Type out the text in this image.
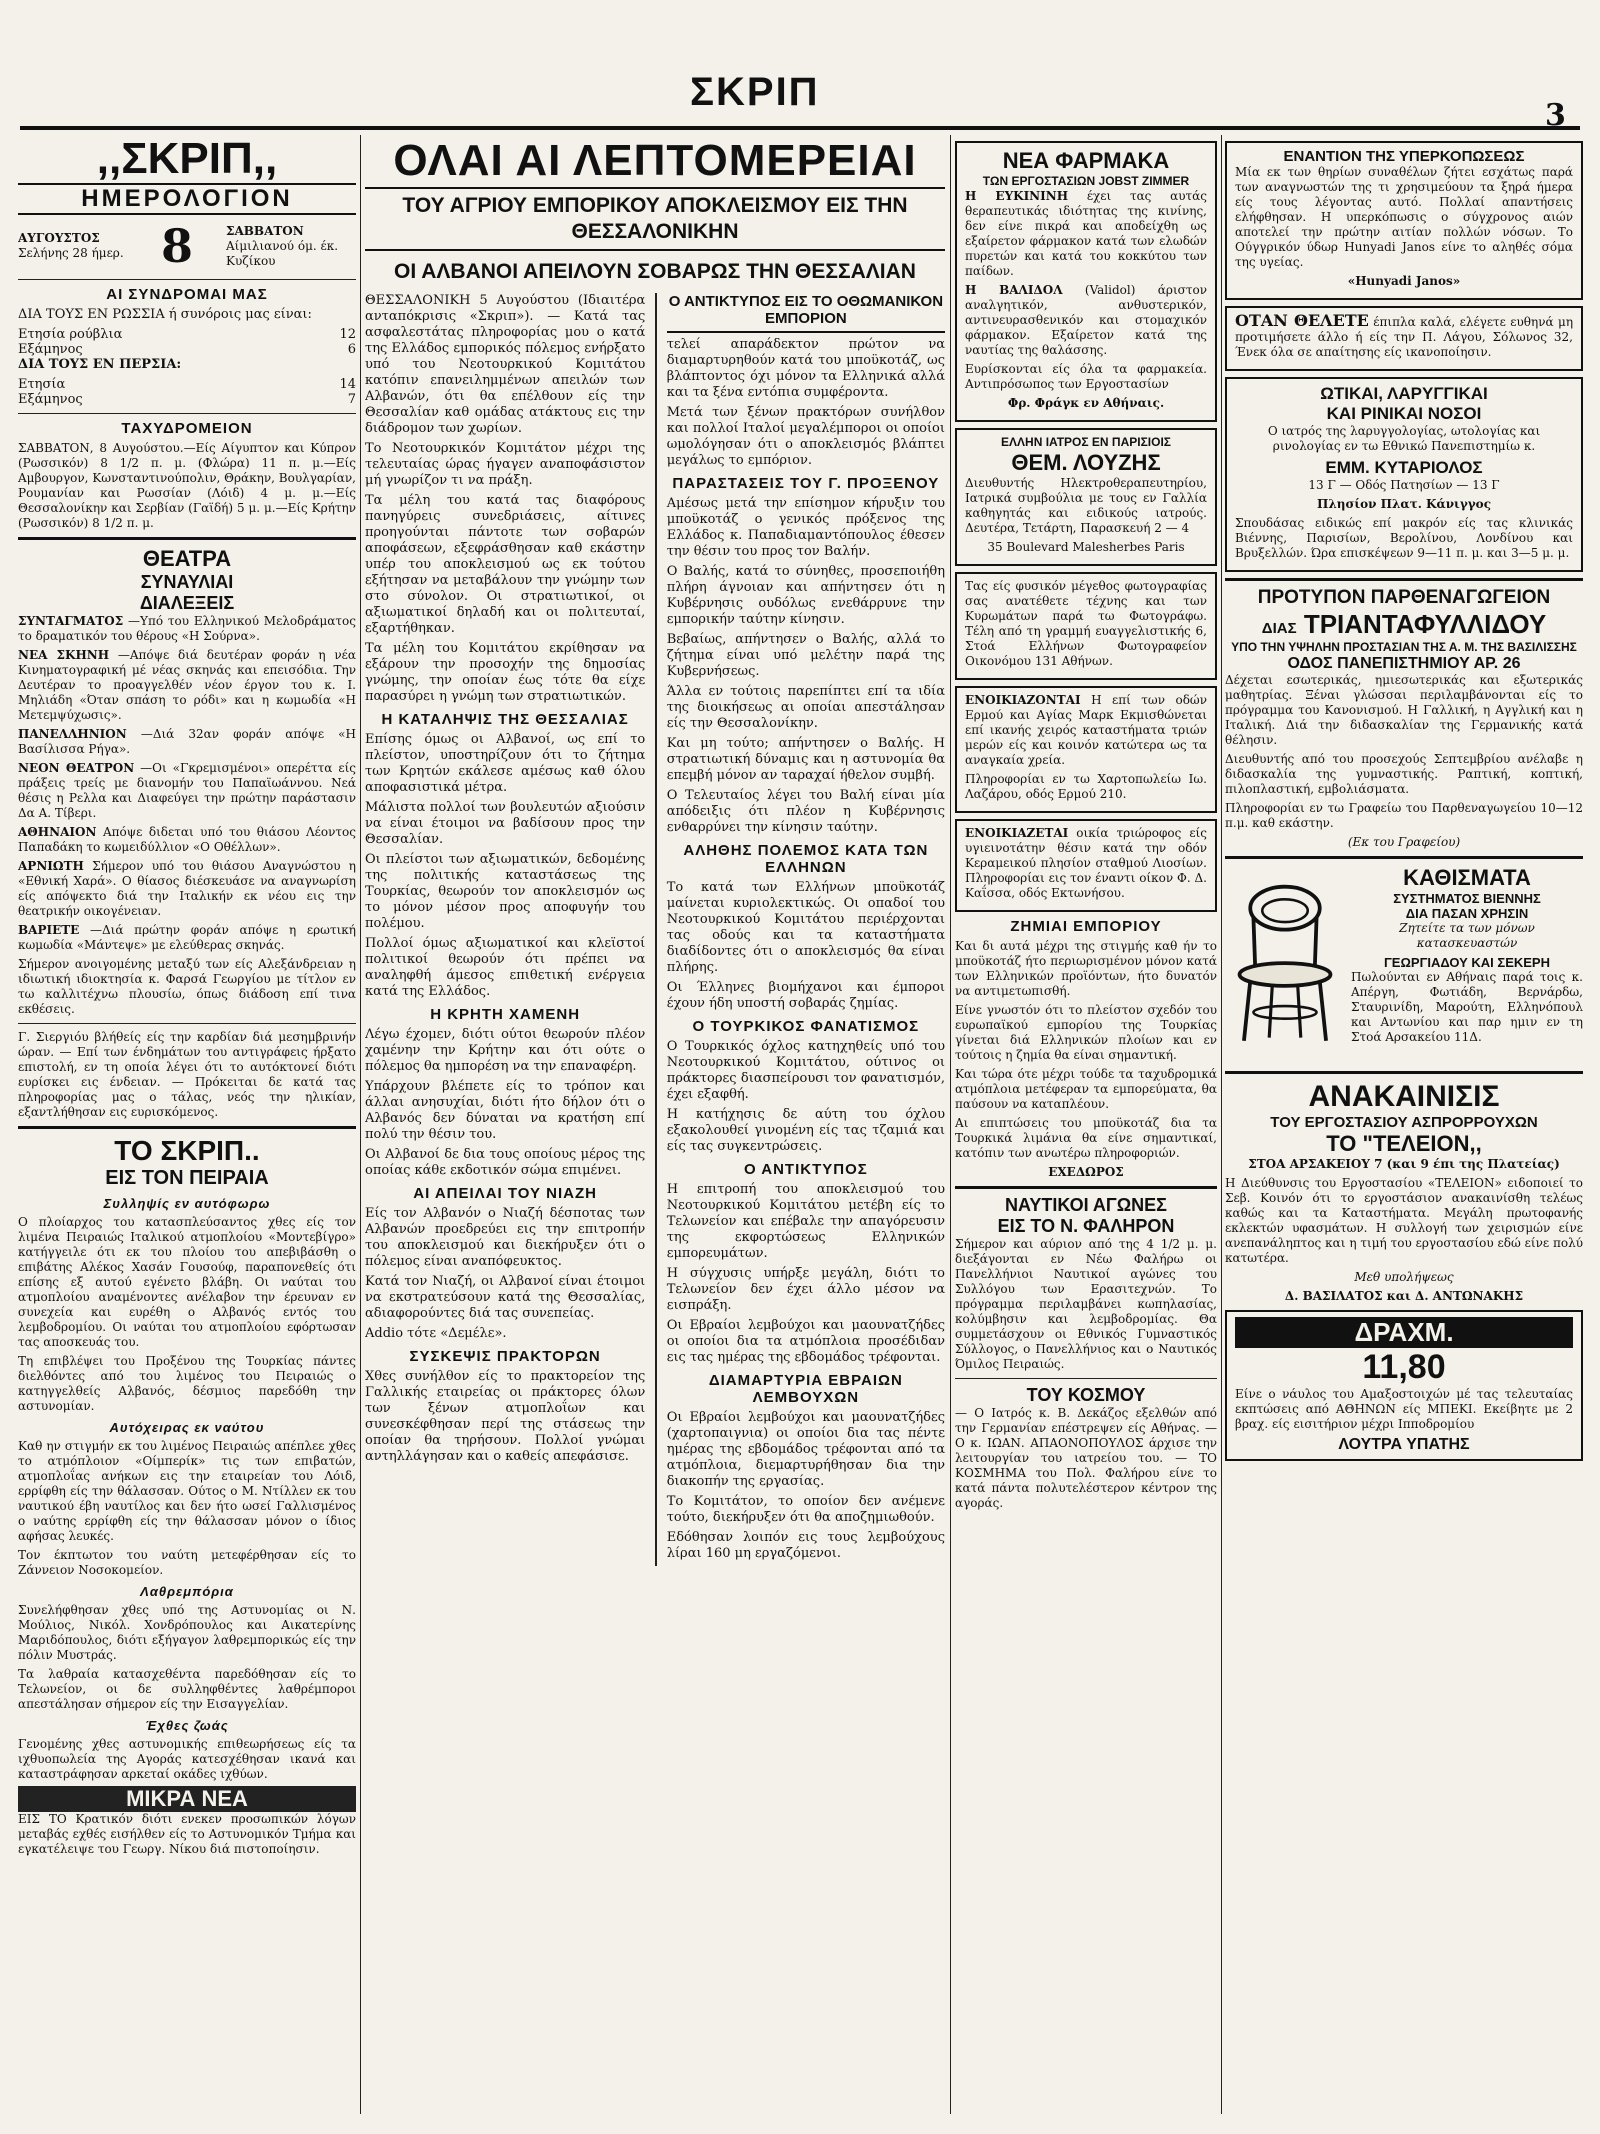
ΣΚΡΙΠ
3
,,ΣΚΡΙΠ,,
ΗΜΕΡΟΛΟΓΙΟΝ
ΑΥΓΟΥΣΤΟΣ
Σελήνης 28 ήμερ. 8	ΣΑΒΒΑΤΟΝ
Αίμιλιανού όμ. έκ. Κυζίκου
ΑΙ ΣΥΝΔΡΟΜΑΙ ΜΑΣ
ΔΙΑ ΤΟΥΣ ΕΝ ΡΩΣΣΙΑ ή συνόροις μας είναι:
Ετησία ρούβλια	12
Εξάμηνος	6
ΔΙΑ ΤΟΥΣ ΕΝ ΠΕΡΣΙΑ:
Ετησία	14
Εξάμηνος	7
ΤΑΧΥΔΡΟΜΕΙΟΝ
ΣΑΒΒΑΤΟΝ, 8 Αυγούστου.—Είς Αίγυπτον και Κύπρον (Ρωσσικόν) 8 1/2 π. μ. (Φλώρα) 11 π. μ.—Είς Αμβουργον, Κωνσταντινούπολιν, Θράκην, Βουλγαρίαν, Ρουμανίαν και Ρωσσίαν (Λόιδ) 4 μ. μ.—Είς Θεσσαλονίκην και Σερβίαν (Γαϊδή) 5 μ. μ.—Είς Κρήτην (Ρωσσικόν) 8 1/2 π. μ.
ΘΕΑΤΡΑ
ΣΥΝΑΥΛΙΑΙ
ΔΙΑΛΕΞΕΙΣ
ΣΥΝΤΑΓΜΑΤΟΣ —Υπό του Ελληνικού Μελοδράματος το δραματικόν του θέρους «Η Σούρνα».
ΝΕΑ ΣΚΗΝΗ —Απόψε διά δευτέραν φοράν η νέα Κινηματογραφική μέ νέας σκηνάς και επεισόδια. Την Δευτέραν το προαγγελθέν νέον έργον του κ. Ι. Μηλιάδη «Όταν σπάση το ρόδι» και η κωμωδία «Η Μετεμψύχωσις».
ΠΑΝΕΛΛΗΝΙΟΝ —Διά 32αν φοράν απόψε «Η Βασίλισσα Ρήγα».
ΝΕΟΝ ΘΕΑΤΡΟΝ —Οι «Γκρεμισμένοι» οπερέττα είς πράξεις τρείς με διανομήν του Παπαϊωάννου. Νεά θέσις η Ρελλα και Διαφεύγει την πρώτην παράστασιν Δα Α. Τίβερι.
ΑΘΗΝΑΙΟΝ Απόψε διδεται υπό του θιάσου Λέοντος Παπαδάκη το κωμειδύλλιον «Ο Οθέλλων».
ΑΡΝΙΩΤΗ Σήμερον υπό του θιάσου Αναγνώστου η «Εθνική Χαρά». Ο θίασος διέσκευάσε να αναγνωρίση είς απόψεκτο διά την Ιταλικήν εκ νέου εις την θεατρικήν οικογένειαν.
ΒΑΡΙΕΤΕ —Διά πρώτην φοράν απόψε η ερωτική κωμωδία «Μάντεψε» με ελεύθερας σκηνάς.
Σήμερον ανοιγομένης μεταξύ των είς Αλεξάνδρειαν η ιδιωτική ιδιοκτησία κ. Φαρσά Γεωργίου με τίτλον εν τω καλλιτέχνω πλουσίω, όπως διάδοση επί τινα εκθέσεις.
Γ. Σιεργιόυ βλήθείς είς την καρδίαν διά μεσημβρινήν ώραν. — Επί των ένδημάτων του αντιγράφεις ήρξατο επιστολή, εν τη οποία λέγει ότι το αυτόκτονεί διότι ευρίσκει εις ένδειαν. — Πρόκειται δε κατά τας πληροφορίας μας ο τάλας, νεός την ηλικίαν, εξαντλήθησαν εις ευρισκόμενος.
ΤΟ ΣΚΡΙΠ..
ΕΙΣ ΤΟΝ ΠΕΙΡΑΙΑ
Συλληψίς εν αυτόφωρω
Ο πλοίαρχος του κατασπλεύσαντος χθες είς τον λιμένα Πειραιώς Ιταλικού ατμοπλοίου «Μοντεβίγρο» κατήγγειλε ότι εκ του πλοίου του απεβιβάσθη ο επιβάτης Αλέκος Χασάν Γουσούφ, παραπονεθείς ότι επίσης εξ αυτού εγένετο βλάβη. Οι ναύται του ατμοπλοίου αναμένοντες ανέλαβον την έρευναν εν συνεχεία και ευρέθη ο Αλβανός εντός του λεμβοδρομίου. Οι ναύται του ατμοπλοίου εφόρτωσαν τας αποσκευάς του.
Τη επιβλέψει του Προξένου της Τουρκίας πάντες διελθόντες από του λιμένος του Πειραιώς ο κατηγγελθείς Αλβανός, δέσμιος παρεδόθη την αστυνομίαν.
Αυτόχειρας εκ ναύτου
Καθ ην στιγμήν εκ του λιμένος Πειραιώς απέπλεε χθες το ατμόπλοιον «Οίμπερίκ» τις των επιβατών, ατμοπλοΐας ανήκων εις την εταιρείαν του Λόιδ, ερρίφθη είς την θάλασσαν. Ούτος ο Μ. Ντίλλεν εκ του ναυτικού έβη ναυτίλος και δεν ήτο ωσεί Γαλλισμένος ο ναύτης ερρίφθη είς την θάλασσαν μόνον ο ίδιος αφήσας λευκές.
Τον έκπτωτον του ναύτη μετεφέρθησαν είς το Ζάννειον Νοσοκομείον.
Λαθρεμπόρια
Συνελήφθησαν χθες υπό της Αστυνομίας οι Ν. Μούλιος, Νικόλ. Χονδρόπουλος και Αικατερίνης Μαριδόπουλος, διότι εξήγαγον λαθρεμπορικώς είς την πόλιν Μυστράς.
Τα λαθραία κατασχεθέντα παρεδόθησαν είς το Τελωνείον, οι δε συλληφθέντες λαθρέμποροι απεστάλησαν σήμερον είς την Εισαγγελίαν.
Έχθες ζωάς
Γενομένης χθες αστυνομικής επιθεωρήσεως είς τα ιχθυοπωλεία της Αγοράς κατεσχέθησαν ικανά και καταστράφησαν αρκεταί οκάδες ιχθύων.
ΜΙΚΡΑ ΝΕΑ
ΕΙΣ ΤΟ Κρατικόν διότι ενεκεν προσωπικών λόγων μεταβάς εχθές εισήλθεν είς το Αστυνομικόν Τμήμα και εγκατέλειψε του Γεωργ. Νίκου διά πιστοποίησιν.
ΟΛΑΙ ΑΙ ΛΕΠΤΟΜΕΡΕΙΑΙ
ΤΟΥ ΑΓΡΙΟΥ ΕΜΠΟΡΙΚΟΥ ΑΠΟΚΛΕΙΣΜΟΥ ΕΙΣ ΤΗΝ ΘΕΣΣΑΛΟΝΙΚΗΝ
ΟΙ ΑΛΒΑΝΟΙ ΑΠΕΙΛΟΥΝ ΣΟΒΑΡΩΣ ΤΗΝ ΘΕΣΣΑΛΙΑΝ

ΘΕΣΣΑΛΟΝΙΚΗ 5 Αυγούστου (Ιδιαιτέρα ανταπόκρισις «Σκριπ»). — Κατά τας ασφαλεστάτας πληροφορίας μου ο κατά της Ελλάδος εμπορικός πόλεμος ενήρξατο υπό του Νεοτουρκικού Κομιτάτου κατόπιν επανειλημμένων απειλών των Αλβανών, ότι θα επέλθουν είς την Θεσσαλίαν καθ ομάδας ατάκτους εις την διάδρομον των χωρίων.

Το Νεοτουρκικόν Κομιτάτον μέχρι της τελευταίας ώρας ήγαγεν αναποφάσιστον μή γνωρίζον τι να πράξη.

Τα μέλη του κατά τας διαφόρους πανηγύρεις συνεδριάσεις, αίτινες προηγούνται πάντοτε των σοβαρών αποφάσεων, εξεφράσθησαν καθ εκάστην υπέρ του αποκλεισμού ως εκ τούτου εξήτησαν να μεταβάλουν την γνώμην των στο σύνολον. Οι στρατιωτικοί, οι αξιωματικοί δηλαδή και οι πολιτευταί, εξαρτήθηκαν.

Τα μέλη του Κομιτάτου εκρίθησαν να εξάρουν την προσοχήν της δημοσίας γνώμης, την οποίαν έως τότε θα είχε παρασύρει η γνώμη των στρατιωτικών.

Η ΚΑΤΑΛΗΨΙΣ ΤΗΣ ΘΕΣΣΑΛΙΑΣ

Επίσης όμως οι Αλβανοί, ως επί το πλείστον, υποστηρίζουν ότι το ζήτημα των Κρητών εκάλεσε αμέσως καθ όλου αποφασιστικά μέτρα.

Μάλιστα πολλοί των βουλευτών αξιούσιν να είναι έτοιμοι να βαδίσουν προς την Θεσσαλίαν.

Οι πλείστοι των αξιωματικών, δεδομένης της πολιτικής καταστάσεως της Τουρκίας, θεωρούν τον αποκλεισμόν ως το μόνον μέσον προς αποφυγήν του πολέμου.

Πολλοί όμως αξιωματικοί και κλεϊστοί πολιτικοί θεωρούν ότι πρέπει να αναληφθή άμεσος επιθετική ενέργεια κατά της Ελλάδος.

Η ΚΡΗΤΗ ΧΑΜΕΝΗ

Λέγω έχομεν, διότι ούτοι θεωρούν πλέον χαμένην την Κρήτην και ότι ούτε ο πόλεμος θα ημπορέση να την επαναφέρη.

Υπάρχουν βλέπετε είς το τρόπον και άλλαι ανησυχίαι, διότι ήτο δήλον ότι ο Αλβανός δεν δύναται να κρατήση επί πολύ την θέσιν του.

Οι Αλβανοί δε δια τους οποίους μέρος της οποίας κάθε εκδοτικόν σώμα επιμένει.

ΑΙ ΑΠΕΙΛΑΙ ΤΟΥ ΝΙΑΖΗ

Είς τον Αλβανόν ο Νιαζή δέσποτας των Αλβανών προεδρεύει εις την επιτροπήν του αποκλεισμού και διεκήρυξεν ότι ο πόλεμος είναι αναπόφευκτος.

Κατά τον Νιαζή, οι Αλβανοί είναι έτοιμοι να εκστρατεύσουν κατά της Θεσσαλίας, αδιαφορούντες διά τας συνεπείας.

Addio τότε «Δεμέλε».

ΣΥΣΚΕΨΙΣ ΠΡΑΚΤΟΡΩΝ

Χθες συνήλθον είς το πρακτορείον της Γαλλικής εταιρείας οι πράκτορες όλων των ξένων ατμοπλοΐων και συνεσκέφθησαν περί της στάσεως την οποίαν θα τηρήσουν. Πολλοί γνώμαι αντηλλάγησαν και ο καθείς απεφάσισε.

Ο ΑΝΤΙΚΤΥΠΟΣ ΕΙΣ ΤΟ ΟΘΩΜΑΝΙΚΟΝ ΕΜΠΟΡΙΟΝ

τελεί απαράδεκτον πρώτον να διαμαρτυρηθούν κατά του μποϋκοτάζ, ως βλάπτοντος όχι μόνον τα Ελληνικά αλλά και τα ξένα εντόπια συμφέροντα.

Μετά των ξένων πρακτόρων συνήλθον και πολλοί Ιταλοί μεγαλέμποροι οι οποίοι ωμολόγησαν ότι ο αποκλεισμός βλάπτει μεγάλως το εμπόριον.

ΠΑΡΑΣΤΑΣΕΙΣ ΤΟΥ Γ. ΠΡΟΞΕΝΟΥ

Αμέσως μετά την επίσημον κήρυξιν του μποϋκοτάζ ο γενικός πρόξενος της Ελλάδος κ. Παπαδιαμαντόπουλος έθεσεν την θέσιν του προς τον Βαλήν.

Ο Βαλής, κατά το σύνηθες, προσεποιήθη πλήρη άγνοιαν και απήντησεν ότι η Κυβέρνησις ουδόλως ενεθάρρυνε την εμπορικήν ταύτην κίνησιν.

Βεβαίως, απήντησεν ο Βαλής, αλλά το ζήτημα είναι υπό μελέτην παρά της Κυβερνήσεως.

Άλλα εν τούτοις παρεπίπτει επί τα ιδία της διοικήσεως αι οποίαι απεστάλησαν είς την Θεσσαλονίκην.

Και μη τούτο; απήντησεν ο Βαλής. Η στρατιωτική δύναμις και η αστυνομία θα επεμβή μόνον αν ταραχαί ήθελον συμβή.

Ο Τελευταίος λέγει του Βαλή είναι μία απόδειξις ότι πλέον η Κυβέρνησις ενθαρρύνει την κίνησιν ταύτην.

ΑΛΗΘΗΣ ΠΟΛΕΜΟΣ ΚΑΤΑ ΤΩΝ ΕΛΛΗΝΩΝ

Το κατά των Ελλήνων μποϋκοτάζ μαίνεται κυριολεκτικώς. Οι οπαδοί του Νεοτουρκικού Κομιτάτου περιέρχονται τας οδούς και τα καταστήματα διαδίδοντες ότι ο αποκλεισμός θα είναι πλήρης.

Οι Έλληνες βιομήχανοι και έμποροι έχουν ήδη υποστή σοβαράς ζημίας.

Ο ΤΟΥΡΚΙΚΟΣ ΦΑΝΑΤΙΣΜΟΣ

Ο Τουρκικός όχλος κατηχηθείς υπό του Νεοτουρκικού Κομιτάτου, ούτινος οι πράκτορες διασπείρουσι τον φανατισμόν, έχει εξαφθή.

Η κατήχησις δε αύτη του όχλου εξακολουθεί γινομένη είς τας τζαμιά και είς τας συγκεντρώσεις.

Ο ΑΝΤΙΚΤΥΠΟΣ

Η επιτροπή του αποκλεισμού του Νεοτουρκικού Κομιτάτου μετέβη είς το Τελωνείον και επέβαλε την απαγόρευσιν της εκφορτώσεως Ελληνικών εμπορευμάτων.

Η σύγχυσις υπήρξε μεγάλη, διότι το Τελωνείον δεν έχει άλλο μέσον να εισπράξη.

Οι Εβραίοι λεμβούχοι και μαουνατζήδες οι οποίοι δια τα ατμόπλοια προσέδιδαν εις τας ημέρας της εβδομάδος τρέφονται.

ΔΙΑΜΑΡΤΥΡΙΑ ΕΒΡΑΙΩΝ ΛΕΜΒΟΥΧΩΝ

Οι Εβραίοι λεμβούχοι και μαουνατζήδες (χαρτοπαιγνια) οι οποίοι δια τας πέντε ημέρας της εβδομάδος τρέφονται από τα ατμόπλοια, διεμαρτυρήθησαν δια την διακοπήν της εργασίας.

Το Κομιτάτον, το οποίον δεν ανέμενε τούτο, διεκήρυξεν ότι θα αποζημιωθούν.

Εδόθησαν λοιπόν εις τους λεμβούχους λίραι 160 μη εργαζόμενοι.

ΝΕΑ ΦΑΡΜΑΚΑ
ΤΩΝ ΕΡΓΟΣΤΑΣΙΩΝ JOBST ZIMMER

Η ΕΥΚΙΝΙΝΗ έχει τας αυτάς θεραπευτικάς ιδιότητας της κινίνης, δεν είνε πικρά και αποδείχθη ως εξαίρετον φάρμακον κατά των ελωδών πυρετών και κατά του κοκκύτου των παίδων.

Η ΒΑΛΙΔΟΛ (Validol) άριστον αναλγητικόν, ανθυστερικόν, αντινευρασθενικόν και στομαχικόν φάρμακον. Εξαίρετον κατά της ναυτίας της θαλάσσης.

Ευρίσκονται είς όλα τα φαρμακεία. Αντιπρόσωπος των Εργοστασίων

Φρ. Φράγκ εν Αθήναις.

ΕΛΛΗΝ ΙΑΤΡΟΣ ΕΝ ΠΑΡΙΣΙΟΙΣ
ΘΕΜ. ΛΟΥΖΗΣ

Διευθυντής Ηλεκτροθεραπευτηρίου, Ιατρικά συμβούλια με τους εν Γαλλία καθηγητάς και ειδικούς ιατρούς. Δευτέρα, Τετάρτη, Παρασκευή 2 — 4

35 Boulevard Malesherbes Paris

Τας είς φυσικόν μέγεθος φωτογραφίας σας ανατέθετε τέχνης και των Κυρωμάτων παρά τω Φωτογράφω. Τέλη από τη γραμμή ευαγγελιστικής 6, Στοά Ελλήνων Φωτογραφείον Οικονόμου 131 Αθήνων.

ΕΝΟΙΚΙΑΖΟΝΤΑΙ Η επί των οδών Ερμού και Αγίας Μαρκ Εκμισθώνεται επί ικανής χειρός καταστήματα τριών μερών είς και κοινόν κατώτερα ως τα αναγκαία χρεία.

Πληροφορίαι εν τω Χαρτοπωλείω Ιω. Λαζάρου, οδός Ερμού 210.

ΕΝΟΙΚΙΑΖΕΤΑΙ οικία τριώροφος είς υγιεινοτάτην θέσιν κατά την οδόν Κεραμεικού πλησίον σταθμού Λιοσίων. Πληροφορίαι εις τον έναντι οίκον Φ. Δ. Καΐσσα, οδός Εκτωνήσου.

ΖΗΜΙΑΙ ΕΜΠΟΡΙΟΥ

Και δι αυτά μέχρι της στιγμής καθ ήν το μποϋκοτάζ ήτο περιωρισμένον μόνον κατά των Ελληνικών προϊόντων, ήτο δυνατόν να αντιμετωπισθή.

Είνε γνωστόν ότι το πλείστον σχεδόν του ευρωπαϊκού εμπορίου της Τουρκίας γίνεται διά Ελληνικών πλοίων και εν τούτοις η ζημία θα είναι σημαντική.

Και τώρα ότε μέχρι τούδε τα ταχυδρομικά ατμόπλοια μετέφεραν τα εμπορεύματα, θα παύσουν να καταπλέουν.

Αι επιπτώσεις του μποϋκοτάζ δια τα Τουρκικά λιμάνια θα είνε σημαντικαί, κατόπιν των ανωτέρω πληροφοριών.

ΕΧΕΔΩΡΟΣ

ΝΑΥΤΙΚΟΙ ΑΓΩΝΕΣ
ΕΙΣ ΤΟ Ν. ΦΑΛΗΡΟΝ

Σήμερον και αύριον από της 4 1/2 μ. μ. διεξάγονται εν Νέω Φαλήρω οι Πανελλήνιοι Ναυτικοί αγώνες του Συλλόγου των Ερασιτεχνών. Το πρόγραμμα περιλαμβάνει κωπηλασίας, κολύμβησιν και λεμβοδρομίας. Θα συμμετάσχουν οι Εθνικός Γυμναστικός Σύλλογος, ο Πανελλήνιος και ο Ναυτικός Όμιλος Πειραιώς.

ΤΟΥ ΚΟΣΜΟΥ

— Ο Ιατρός κ. Β. Δεκάζος εξελθών από την Γερμανίαν επέστρεψεν είς Αθήνας. — Ο κ. ΙΩΑΝ. ΑΠΑΟΝΟΠΟΥΛΟΣ άρχισε την λειτουργίαν του ιατρείου του. — ΤΟ ΚΟΣΜΗΜΑ του Πολ. Φαλήρου είνε το κατά πάντα πολυτελέστερον κέντρον της αγοράς.

ΕΝΑΝΤΙΟΝ ΤΗΣ ΥΠΕΡΚΟΠΩΣΕΩΣ

Μία εκ των θηρίων συναθέλων ζήτει εσχάτως παρά των αναγνωστών της τι χρησιμεύουν τα ξηρά ήμερα είς τους λέγοντας αυτό. Πολλαί απαντήσεις ελήφθησαν. Η υπερκόπωσις ο σύγχρονος αιών αποτελεί την πρώτην αιτίαν πολλών νόσων. Το Ούγγρικόν ύδωρ Hunyadi Janos είνε το αληθές σόμα της υγείας.

«Hunyadi Janos»

ΟΤΑΝ ΘΕΛΕΤΕ έπιπλα καλά, ελέγετε ευθηνά μη προτιμήσετε άλλο ή είς την Π. Λάγου, Σόλωνος 32, Ένεκ όλα σε απαίτησης είς ικανοποίησιν.

ΩΤΙΚΑΙ, ΛΑΡΥΓΓΙΚΑΙ
ΚΑΙ ΡΙΝΙΚΑΙ ΝΟΣΟΙ

Ο ιατρός της λαρυγγολογίας, ωτολογίας και ρινολογίας εν τω Εθνικώ Πανεπιστημίω κ.

ΕΜΜ. ΚΥΤΑΡΙΟΛΟΣ

13 Γ — Οδός Πατησίων — 13 Γ

Πλησίον Πλατ. Κάνιγγος

Σπουδάσας ειδικώς επί μακρόν είς τας κλινικάς Βιέννης, Παρισίων, Βερολίνου, Λονδίνου και Βρυξελλών. Ώρα επισκέψεων 9—11 π. μ. και 3—5 μ. μ.

ΠΡΟΤΥΠΟΝ ΠΑΡΘΕΝΑΓΩΓΕΙΟΝ
ΔΙΑΣ ΤΡΙΑΝΤΑΦΥΛΛΙΔΟΥ
ΥΠΟ ΤΗΝ ΥΨΗΛΗΝ ΠΡΟΣΤΑΣΙΑΝ ΤΗΣ Α. Μ. ΤΗΣ ΒΑΣΙΛΙΣΣΗΣ
ΟΔΟΣ ΠΑΝΕΠΙΣΤΗΜΙΟΥ ΑΡ. 26

Δέχεται εσωτερικάς, ημιεσωτερικάς και εξωτερικάς μαθητρίας. Ξέναι γλώσσαι περιλαμβάνονται είς το πρόγραμμα του Κανονισμού. Η Γαλλική, η Αγγλική και η Ιταλική. Διά την διδασκαλίαν της Γερμανικής κατά θέλησιν.

Διευθυντής από του προσεχούς Σεπτεμβρίου ανέλαβε η διδασκαλία της γυμναστικής. Ραπτική, κοπτική, πιλοπλαστική, εμβολιάσματα.

Πληροφορίαι εν τω Γραφείω του Παρθεναγωγείου 10—12 π.μ. καθ εκάστην.

(Εκ του Γραφείου)

ΚΑΘΙΣΜΑΤΑ
ΣΥΣΤΗΜΑΤΟΣ ΒΙΕΝΝΗΣ
ΔΙΑ ΠΑΣΑΝ ΧΡΗΣΙΝ

Ζητείτε τα των μόνων κατασκευαστών

ΓΕΩΡΓΙΑΔΟΥ ΚΑΙ ΣΕΚΕΡΗ

Πωλούνται εν Αθήναις παρά τοις κ. Απέργη, Φωτιάδη, Βερνάρδω, Σταυρινίδη, Μαρούτη, Ελληνόπουλ και Αντωνίου και παρ ημιν εν τη Στοά Αρσακείου 11Δ.

ΑΝΑΚΑΙΝΙΣΙΣ
ΤΟΥ ΕΡΓΟΣΤΑΣΙΟΥ ΑΣΠΡΟΡΡΟΥΧΩΝ
ΤΟ "ΤΕΛΕΙΟΝ,,

ΣΤΟΑ ΑΡΣΑΚΕΙΟΥ 7 (και 9 έπι της Πλατείας)

Η Διεύθυνσις του Εργοστασίου «ΤΕΛΕΙΟΝ» ειδοποιεί το Σεβ. Κοινόν ότι το εργοστάσιον ανακαινίσθη τελέως καθώς και τα Καταστήματα. Μεγάλη πρωτοφανής εκλεκτών υφασμάτων. Η συλλογή των χειρισμών είνε ανεπανάληπτος και η τιμή του εργοστασίου εδώ είνε πολύ κατωτέρα.

Μεθ υπολήψεως

Δ. ΒΑΣΙΛΑΤΟΣ και Δ. ΑΝΤΩΝΑΚΗΣ

ΔΡΑΧΜ.
11,80

Είνε ο νάυλος του Αμαξοστοιχών μέ τας τελευταίας εκπτώσεις από ΑΘΗΝΩΝ είς ΜΠΕΚΙ. Εκείβητε με 2 βραχ. είς εισιτήριον μέχρι Ιπποδρομίου

ΛΟΥΤΡΑ ΥΠΑΤΗΣ
